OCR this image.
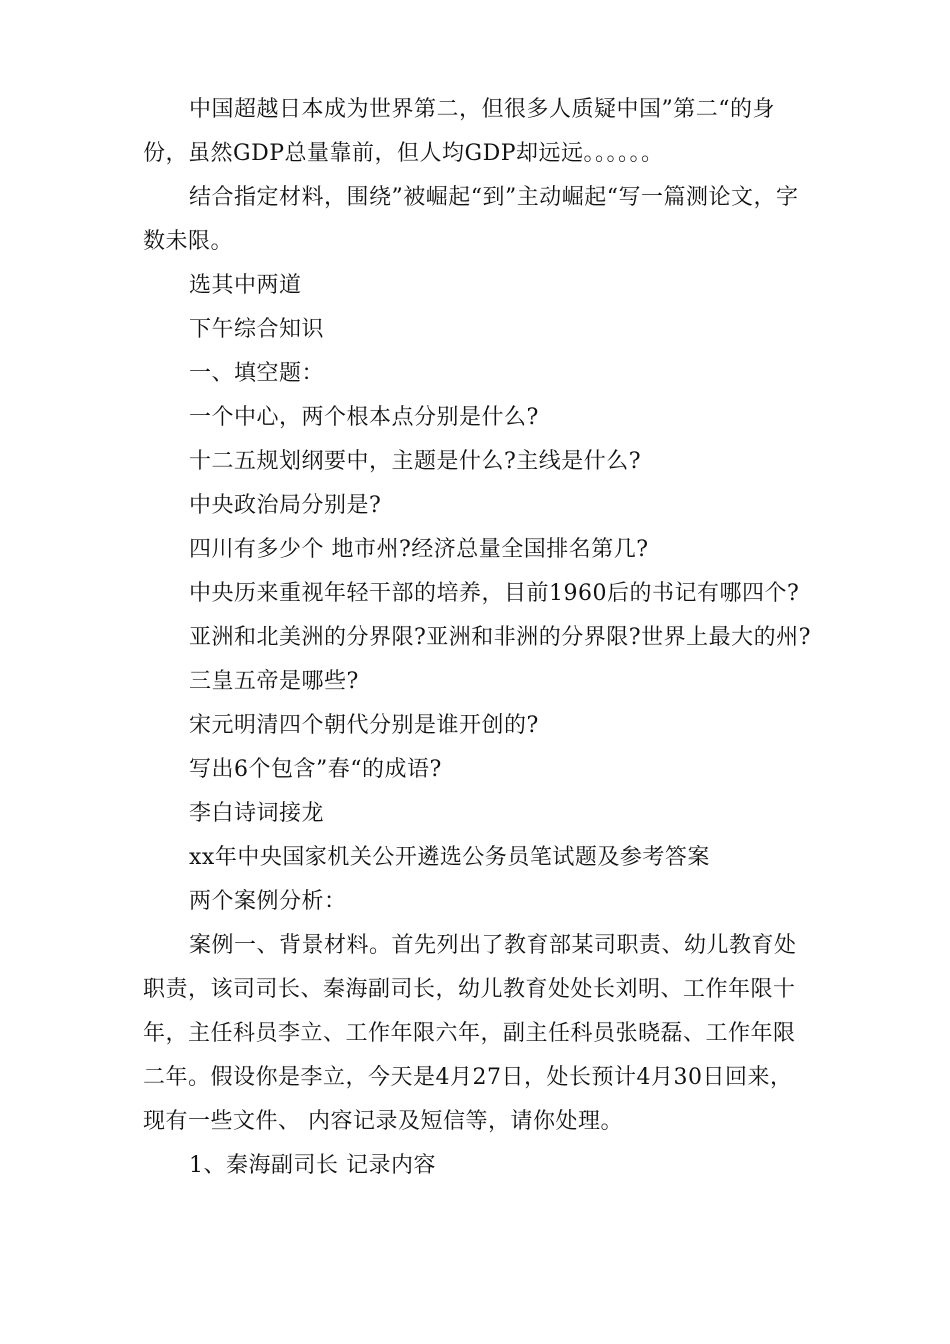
中国超越日本成为世界第二，但很多人质疑中国”第二“的身份，虽然GDP总量靠前，但人均GDP却远远。。。。。。

结合指定材料，围绕”被崛起“到”主动崛起“写一篇测论文，字数未限。

选其中两道

下午综合知识

一、填空题：

一个中心，两个根本点分别是什么?

十二五规划纲要中，主题是什么?主线是什么?

中央政治局分别是?

四川有多少个 地市州?经济总量全国排名第几?

中央历来重视年轻干部的培养，目前1960后的书记有哪四个?

亚洲和北美洲的分界限?亚洲和非洲的分界限?世界上最大的州?

三皇五帝是哪些?

宋元明清四个朝代分别是谁开创的?

写出6个包含”春“的成语?

李白诗词接龙

xx年中央国家机关公开遴选公务员笔试题及参考答案

两个案例分析：

案例一、背景材料。首先列出了教育部某司职责、幼儿教育处职责，该司司长、秦海副司长，幼儿教育处处长刘明、工作年限十年，主任科员李立、工作年限六年，副主任科员张晓磊、工作年限二年。假设你是李立，今天是4月27日，处长预计4月30日回来，现有一些文件、 内容记录及短信等，请你处理。

1、秦海副司长 记录内容
